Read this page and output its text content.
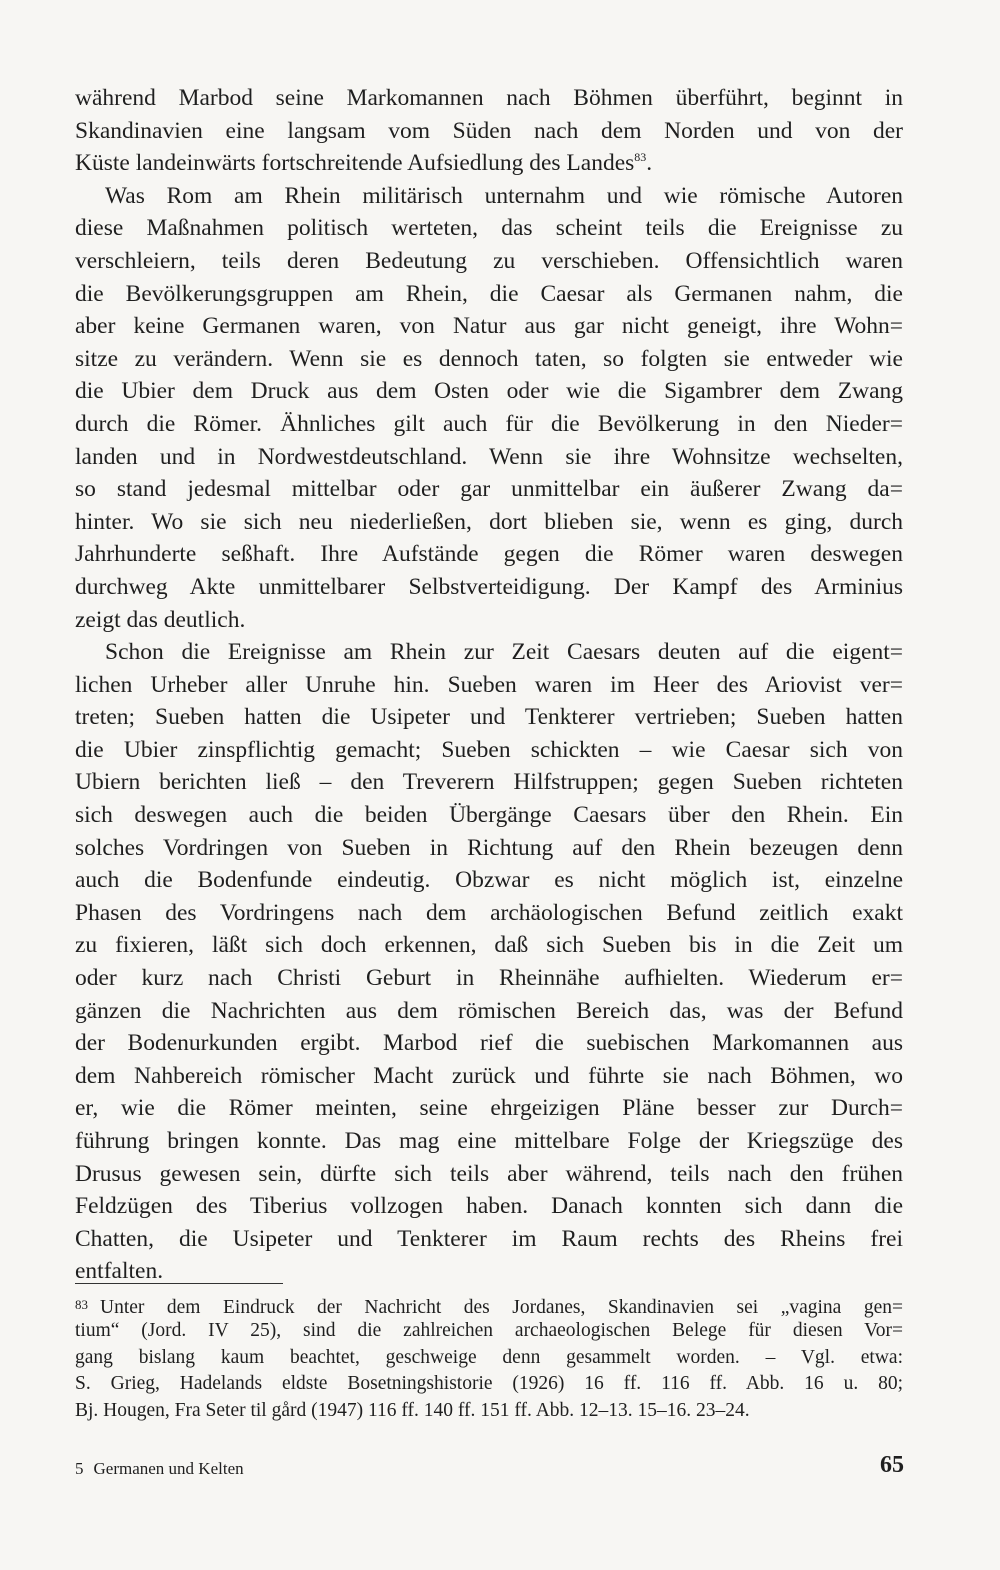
während Marbod seine Markomannen nach Böhmen überführt, beginnt in
Skandinavien eine langsam vom Süden nach dem Norden und von der
Küste landeinwärts fortschreitende Aufsiedlung des Landes$^{83}$.
Was Rom am Rhein militärisch unternahm und wie römische Autoren
diese Maßnahmen politisch werteten, das scheint teils die Ereignisse zu
verschleiern, teils deren Bedeutung zu verschieben. Offensichtlich waren
die Bevölkerungsgruppen am Rhein, die Caesar als Germanen nahm, die
aber keine Germanen waren, von Natur aus gar nicht geneigt, ihre Wohn=
sitze zu verändern. Wenn sie es dennoch taten, so folgten sie entweder wie
die Ubier dem Druck aus dem Osten oder wie die Sigambrer dem Zwang
durch die Römer. Ähnliches gilt auch für die Bevölkerung in den Nieder=
landen und in Nordwestdeutschland. Wenn sie ihre Wohnsitze wechselten,
so stand jedesmal mittelbar oder gar unmittelbar ein äußerer Zwang da=
hinter. Wo sie sich neu niederließen, dort blieben sie, wenn es ging, durch
Jahrhunderte seßhaft. Ihre Aufstände gegen die Römer waren deswegen
durchweg Akte unmittelbarer Selbstverteidigung. Der Kampf des Arminius
zeigt das deutlich.
Schon die Ereignisse am Rhein zur Zeit Caesars deuten auf die eigent=
lichen Urheber aller Unruhe hin. Sueben waren im Heer des Ariovist ver=
treten; Sueben hatten die Usipeter und Tenkterer vertrieben; Sueben hatten
die Ubier zinspflichtig gemacht; Sueben schickten – wie Caesar sich von
Ubiern berichten ließ – den Treverern Hilfstruppen; gegen Sueben richteten
sich deswegen auch die beiden Übergänge Caesars über den Rhein. Ein
solches Vordringen von Sueben in Richtung auf den Rhein bezeugen denn
auch die Bodenfunde eindeutig. Obzwar es nicht möglich ist, einzelne
Phasen des Vordringens nach dem archäologischen Befund zeitlich exakt
zu fixieren, läßt sich doch erkennen, daß sich Sueben bis in die Zeit um
oder kurz nach Christi Geburt in Rheinnähe aufhielten. Wiederum er=
gänzen die Nachrichten aus dem römischen Bereich das, was der Befund
der Bodenurkunden ergibt. Marbod rief die suebischen Markomannen aus
dem Nahbereich römischer Macht zurück und führte sie nach Böhmen, wo
er, wie die Römer meinten, seine ehrgeizigen Pläne besser zur Durch=
führung bringen konnte. Das mag eine mittelbare Folge der Kriegszüge des
Drusus gewesen sein, dürfte sich teils aber während, teils nach den frühen
Feldzügen des Tiberius vollzogen haben. Danach konnten sich dann die
Chatten, die Usipeter und Tenkterer im Raum rechts des Rheins frei
entfalten.
$^{83}$ Unter dem Eindruck der Nachricht des Jordanes, Skandinavien sei „vagina gen=
tium“ (Jord. IV 25), sind die zahlreichen archaeologischen Belege für diesen Vor=
gang bislang kaum beachtet, geschweige denn gesammelt worden. – Vgl. etwa:
S. Grieg, Hadelands eldste Bosetningshistorie (1926) 16 ff. 116 ff. Abb. 16 u. 80;
Bj. Hougen, Fra Seter til gård (1947) 116 ff. 140 ff. 151 ff. Abb. 12–13. 15–16. 23–24.
5 Germanen und Kelten	65
